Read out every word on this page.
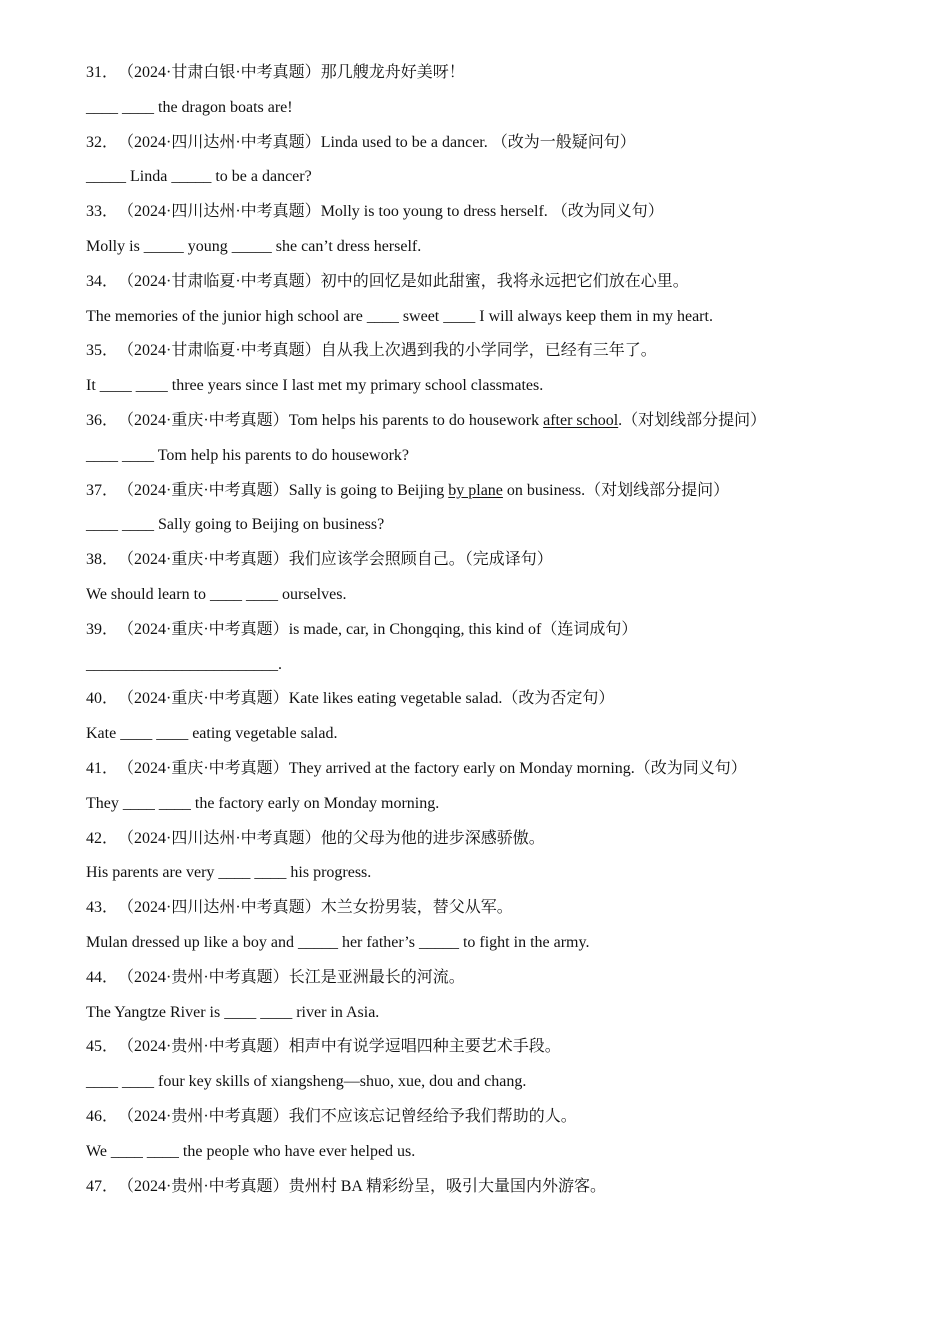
31．（2024·甘肃白银·中考真题）那几艘龙舟好美呀！
____ ____ the dragon boats are!
32．（2024·四川达州·中考真题）Linda used to be a dancer. （改为一般疑问句）
_____ Linda _____ to be a dancer?
33．（2024·四川达州·中考真题）Molly is too young to dress herself. （改为同义句）
Molly is _____ young _____ she can’t dress herself.
34．（2024·甘肃临夏·中考真题）初中的回忆是如此甜蜜，我将永远把它们放在心里。
The memories of the junior high school are ____ sweet ____ I will always keep them in my heart.
35．（2024·甘肃临夏·中考真题）自从我上次遇到我的小学同学，已经有三年了。
It ____ ____ three years since I last met my primary school classmates.
36．（2024·重庆·中考真题）Tom helps his parents to do housework after school.（对划线部分提问）
____ ____ Tom help his parents to do housework?
37．（2024·重庆·中考真题）Sally is going to Beijing by plane on business.（对划线部分提问）
____ ____ Sally going to Beijing on business?
38．（2024·重庆·中考真题）我们应该学会照顾自己。（完成译句）
We should learn to ____ ____ ourselves.
39．（2024·重庆·中考真题）is made, car, in Chongqing, this kind of（连词成句）
________________________.
40．（2024·重庆·中考真题）Kate likes eating vegetable salad.（改为否定句）
Kate ____ ____ eating vegetable salad.
41．（2024·重庆·中考真题）They arrived at the factory early on Monday morning.（改为同义句）
They ____ ____ the factory early on Monday morning.
42．（2024·四川达州·中考真题）他的父母为他的进步深感骄傲。
His parents are very ____ ____ his progress.
43．（2024·四川达州·中考真题）木兰女扮男装，替父从军。
Mulan dressed up like a boy and _____ her father’s _____ to fight in the army.
44．（2024·贵州·中考真题）长江是亚洲最长的河流。
The Yangtze River is ____ ____ river in Asia.
45．（2024·贵州·中考真题）相声中有说学逗唱四种主要艺术手段。
____ ____ four key skills of xiangsheng—shuo, xue, dou and chang.
46．（2024·贵州·中考真题）我们不应该忘记曾经给予我们帮助的人。
We ____ ____ the people who have ever helped us.
47．（2024·贵州·中考真题）贵州村 BA 精彩纷呈，吸引大量国内外游客。
